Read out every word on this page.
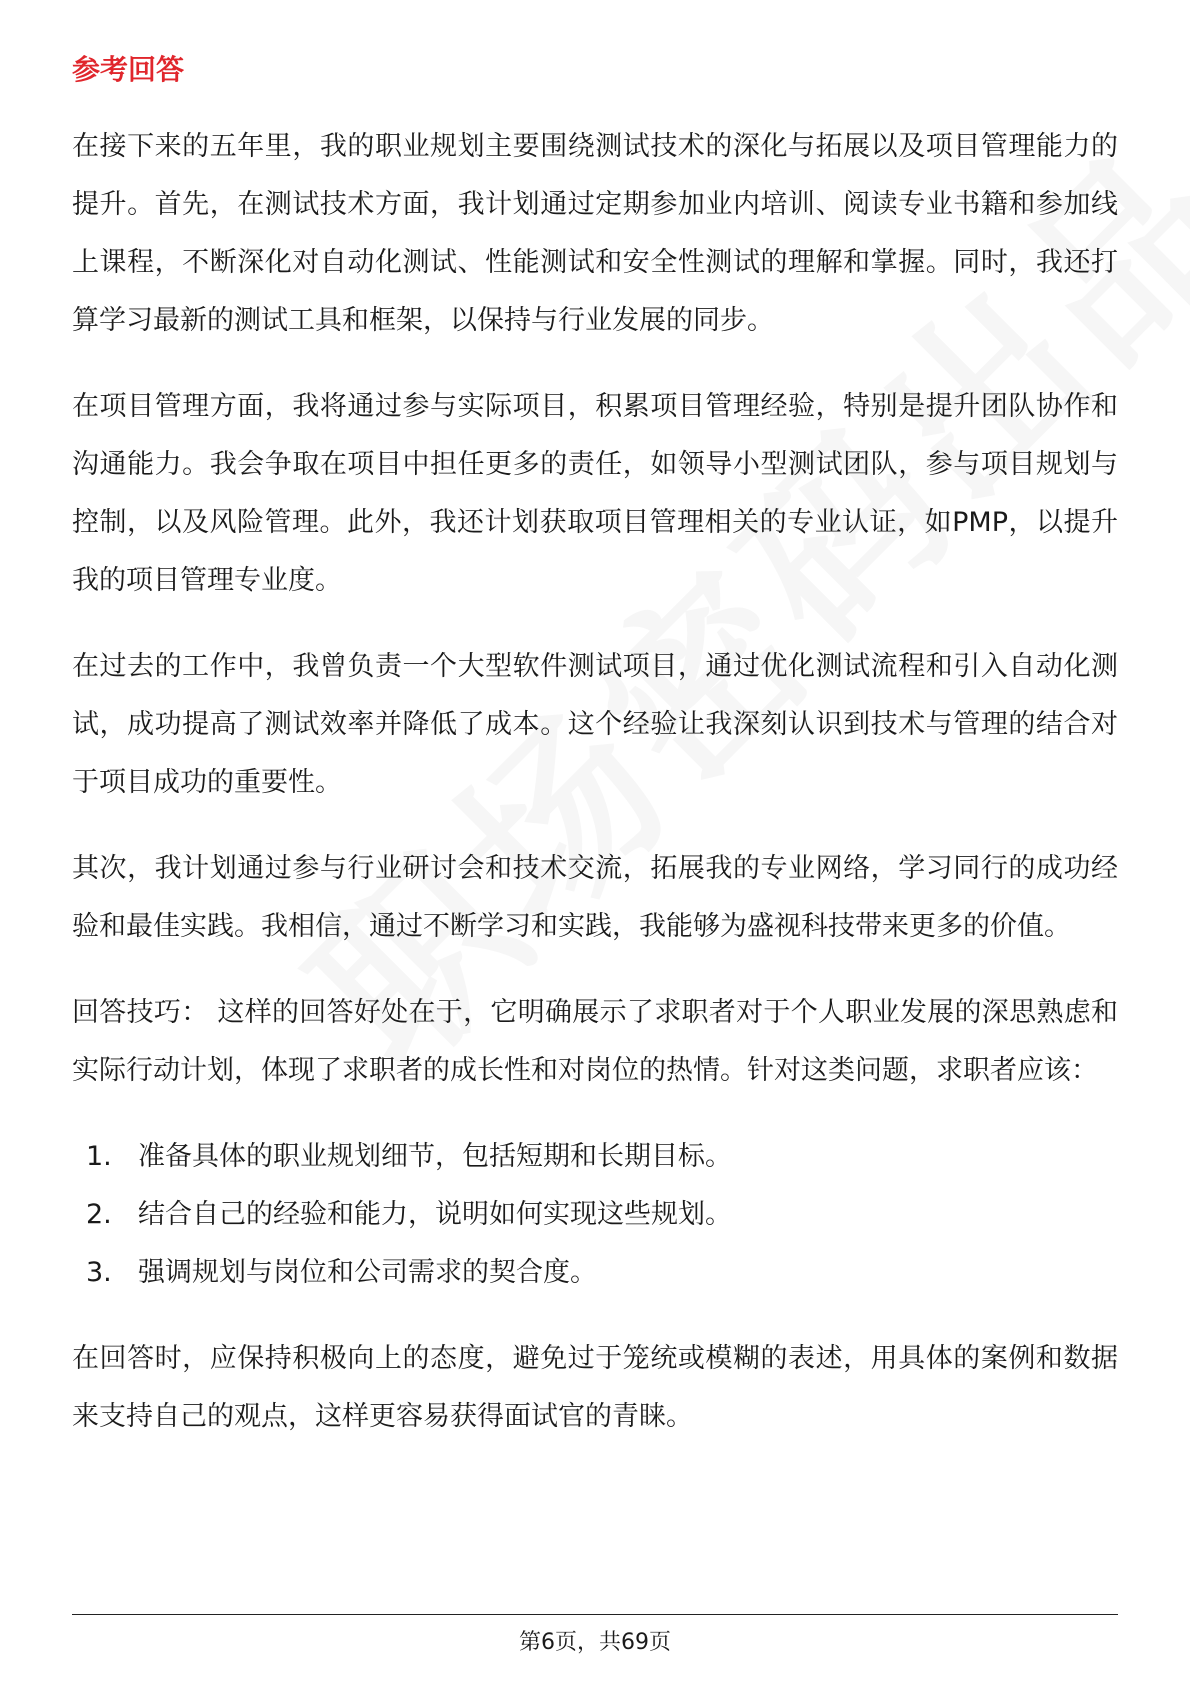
参考回答

在接下来的五年里，我的职业规划主要围绕测试技术的深化与拓展以及项目管理能力的提升。首先，在测试技术方面，我计划通过定期参加业内培训、阅读专业书籍和参加线上课程，不断深化对自动化测试、性能测试和安全性测试的理解和掌握。同时，我还打算学习最新的测试工具和框架，以保持与行业发展的同步。

在项目管理方面，我将通过参与实际项目，积累项目管理经验，特别是提升团队协作和沟通能力。我会争取在项目中担任更多的责任，如领导小型测试团队，参与项目规划与控制，以及风险管理。此外，我还计划获取项目管理相关的专业认证，如PMP，以提升我的项目管理专业度。

在过去的工作中，我曾负责一个大型软件测试项目，通过优化测试流程和引入自动化测试，成功提高了测试效率并降低了成本。这个经验让我深刻认识到技术与管理的结合对于项目成功的重要性。

其次，我计划通过参与行业研讨会和技术交流，拓展我的专业网络，学习同行的成功经验和最佳实践。我相信，通过不断学习和实践，我能够为盛视科技带来更多的价值。

回答技巧： 这样的回答好处在于，它明确展示了求职者对于个人职业发展的深思熟虑和实际行动计划，体现了求职者的成长性和对岗位的热情。针对这类问题，求职者应该：

1. 准备具体的职业规划细节，包括短期和长期目标。
2. 结合自己的经验和能力，说明如何实现这些规划。
3. 强调规划与岗位和公司需求的契合度。

在回答时，应保持积极向上的态度，避免过于笼统或模糊的表述，用具体的案例和数据来支持自己的观点，这样更容易获得面试官的青睐。

第6页，共69页
